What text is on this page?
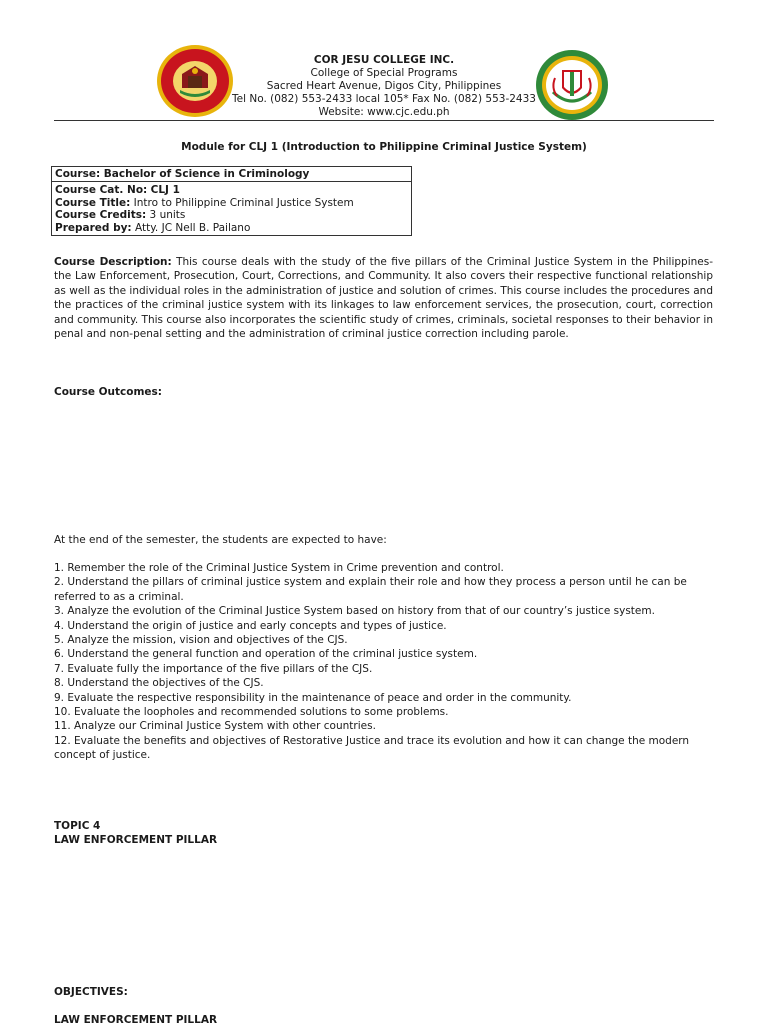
COR JESU COLLEGE INC.
College of Special Programs
Sacred Heart Avenue, Digos City, Philippines
Tel No. (082) 553-2433 local 105* Fax No. (082) 553-2433
Website: www.cjc.edu.ph
Module for CLJ 1 (Introduction to Philippine Criminal Justice System)
Course: Bachelor of Science in Criminology
Course Cat. No: CLJ 1
Course Title: Intro to Philippine Criminal Justice System
Course Credits: 3 units
Prepared by: Atty. JC Nell B. Pailano
Course Description: This course deals with the study of the five pillars of the Criminal Justice System in the Philippines- the Law Enforcement, Prosecution, Court, Corrections, and Community. It also covers their respective functional relationship as well as the individual roles in the administration of justice and solution of crimes. This course includes the procedures and the practices of the criminal justice system with its linkages to law enforcement services, the prosecution, court, correction and community. This course also incorporates the scientific study of crimes, criminals, societal responses to their behavior in penal and non-penal setting and the administration of criminal justice correction including parole.
Course Outcomes:
At the end of the semester, the students are expected to have:
1. Remember the role of the Criminal Justice System in Crime prevention and control.
2. Understand the pillars of criminal justice system and explain their role and how they process a person until he can be referred to as a criminal.
3. Analyze the evolution of the Criminal Justice System based on history from that of our country’s justice system.
4. Understand the origin of justice and early concepts and types of justice.
5. Analyze the mission, vision and objectives of the CJS.
6. Understand the general function and operation of the criminal justice system.
7. Evaluate fully the importance of the five pillars of the CJS.
8. Understand the objectives of the CJS.
9. Evaluate the respective responsibility in the maintenance of peace and order in the community.
10. Evaluate the loopholes and recommended solutions to some problems.
11. Analyze our Criminal Justice System with other countries.
12. Evaluate the benefits and objectives of Restorative Justice and trace its evolution and how it can change the modern concept of justice.
TOPIC 4
LAW ENFORCEMENT PILLAR
OBJECTIVES:
LAW ENFORCEMENT PILLAR
